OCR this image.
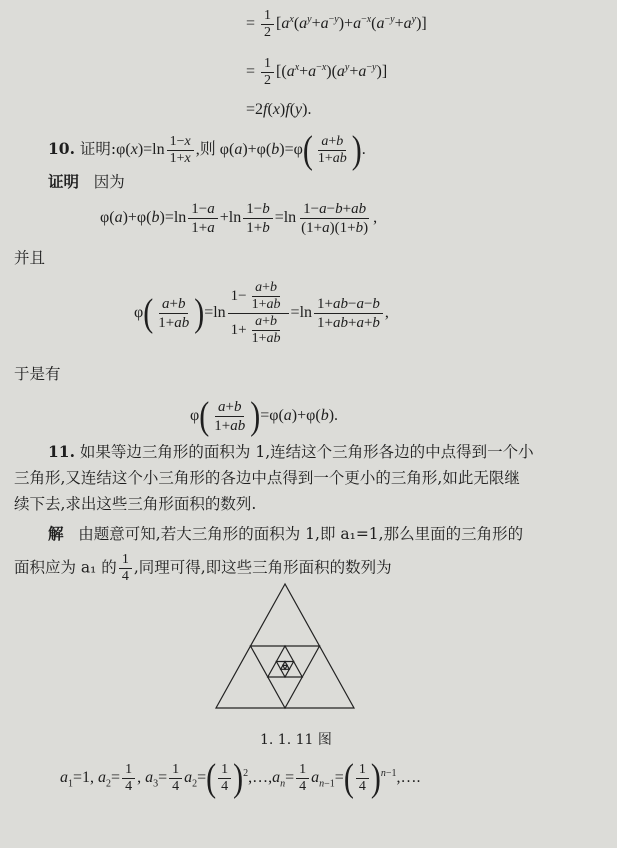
= $\frac{1}{2} [a^x(a^y+a^{-y})+a^{-x}(a^{-y}+a^y)]$
= $\frac{1}{2} [(a^x+a^{-x})(a^y+a^{-y})]$
=2f(x)f(y).
10. 证明:φ(x)=ln $\frac{1-x}{1+x}$ ,则 $\varphi(a)+\varphi(b)=\varphi( \frac{a+b}{1+ab}$ ).
证明 因为
$\varphi(a)+\varphi(b)=\ln \frac{1-a}{1+a} +\ln \frac{1-b}{1+b} =\ln \frac{1-a-b+ab}{(1+a)(1+b)}$ ,
并且
$\varphi( \frac{a+b}{1+ab} )=\ln \frac{1- \frac{a+b}{1+ab}}{1+ \frac{a+b}{1+ab}} =\ln \frac{1+ab-a-b}{1+ab+a+b}$ ,
于是有
$\varphi( \frac{a+b}{1+ab} )=\varphi(a)+\varphi(b)$.
11. 如果等边三角形的面积为 1,连结这个三角形各边的中点得到一个小
三角形,又连结这个小三角形的各边中点得到一个更小的三角形,如此无限继
续下去,求出这些三角形面积的数列.
解 由题意可知,若大三角形的面积为 1,即 a₁=1,那么里面的三角形的
面积应为 a₁ 的 $\frac{1}{4}$ ,同理可得,即这些三角形面积的数列为
1. 1. 11 图
$a_1=1$, $a_2= \frac{1}{4}$ , $a_3= \frac{1}{4} a_2=( \frac{1}{4}$ )$^2,\dots,a_n= \frac{1}{4} a_{n-1}=( \frac{1}{4}$ )$^{n-1},\dots$.
